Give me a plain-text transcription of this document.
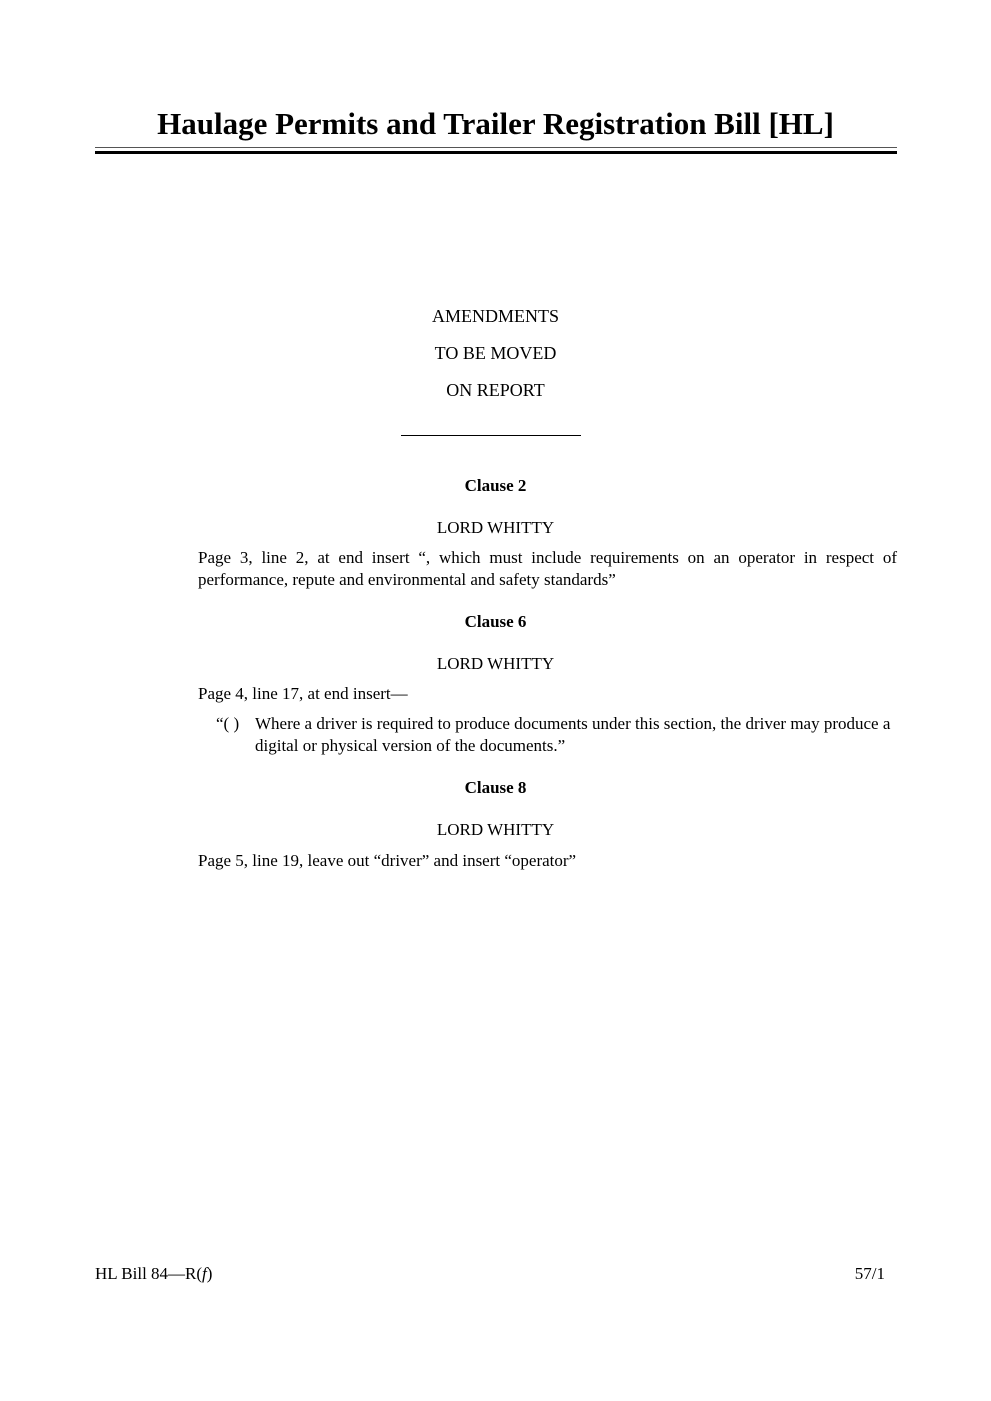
Haulage Permits and Trailer Registration Bill [HL]
AMENDMENTS
TO BE MOVED
ON REPORT
Clause 2
LORD WHITTY
Page 3, line 2, at end insert “, which must include requirements on an operator in respect of performance, repute and environmental and safety standards”
Clause 6
LORD WHITTY
Page 4, line 17, at end insert—
“( ) Where a driver is required to produce documents under this section, the driver may produce a digital or physical version of the documents.”
Clause 8
LORD WHITTY
Page 5, line 19, leave out “driver” and insert “operator”
HL Bill 84—R(f)	57/1
